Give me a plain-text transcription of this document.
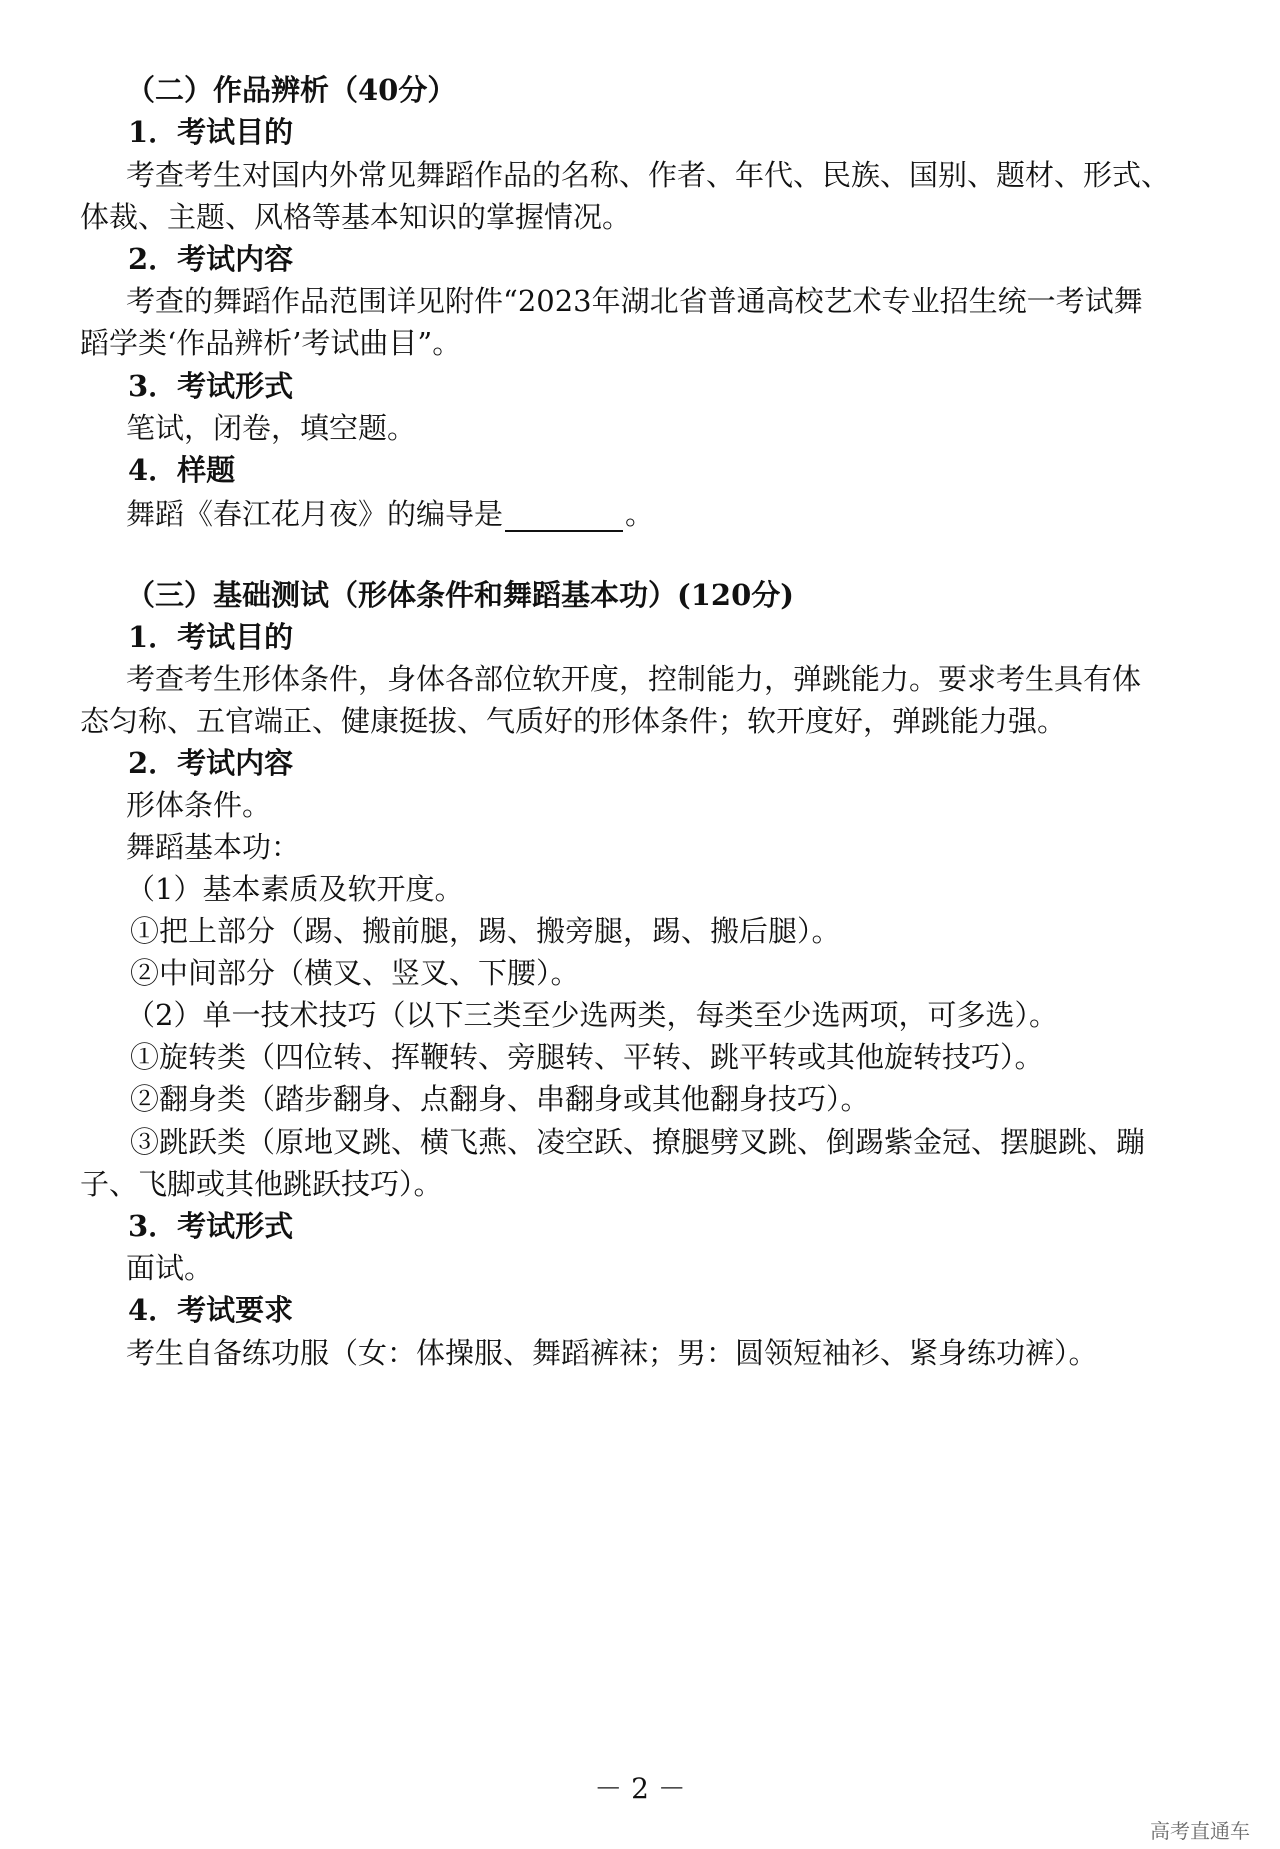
（二）作品辨析（40分）
1．考试目的
考查考生对国内外常见舞蹈作品的名称、作者、年代、民族、国别、题材、形式、
体裁、主题、风格等基本知识的掌握情况。
2．考试内容
考查的舞蹈作品范围详见附件“2023年湖北省普通高校艺术专业招生统一考试舞
蹈学类‘作品辨析’考试曲目”。
3．考试形式
笔试，闭卷，填空题。
4．样题
舞蹈《春江花月夜》的编导是	。
（三）基础测试（形体条件和舞蹈基本功）(120分)
1．考试目的
考查考生形体条件，身体各部位软开度，控制能力，弹跳能力。要求考生具有体
态匀称、五官端正、健康挺拔、气质好的形体条件；软开度好，弹跳能力强。
2．考试内容
形体条件。
舞蹈基本功：
（1）基本素质及软开度。
①把上部分（踢、搬前腿，踢、搬旁腿，踢、搬后腿）。
②中间部分（横叉、竖叉、下腰）。
（2）单一技术技巧（以下三类至少选两类，每类至少选两项，可多选）。
①旋转类（四位转、挥鞭转、旁腿转、平转、跳平转或其他旋转技巧）。
②翻身类（踏步翻身、点翻身、串翻身或其他翻身技巧）。
③跳跃类（原地叉跳、横飞燕、凌空跃、撩腿劈叉跳、倒踢紫金冠、摆腿跳、蹦
子、飞脚或其他跳跃技巧）。
3．考试形式
面试。
4．考试要求
考生自备练功服（女：体操服、舞蹈裤袜；男：圆领短袖衫、紧身练功裤）。
－ 2 －
高考直通车
